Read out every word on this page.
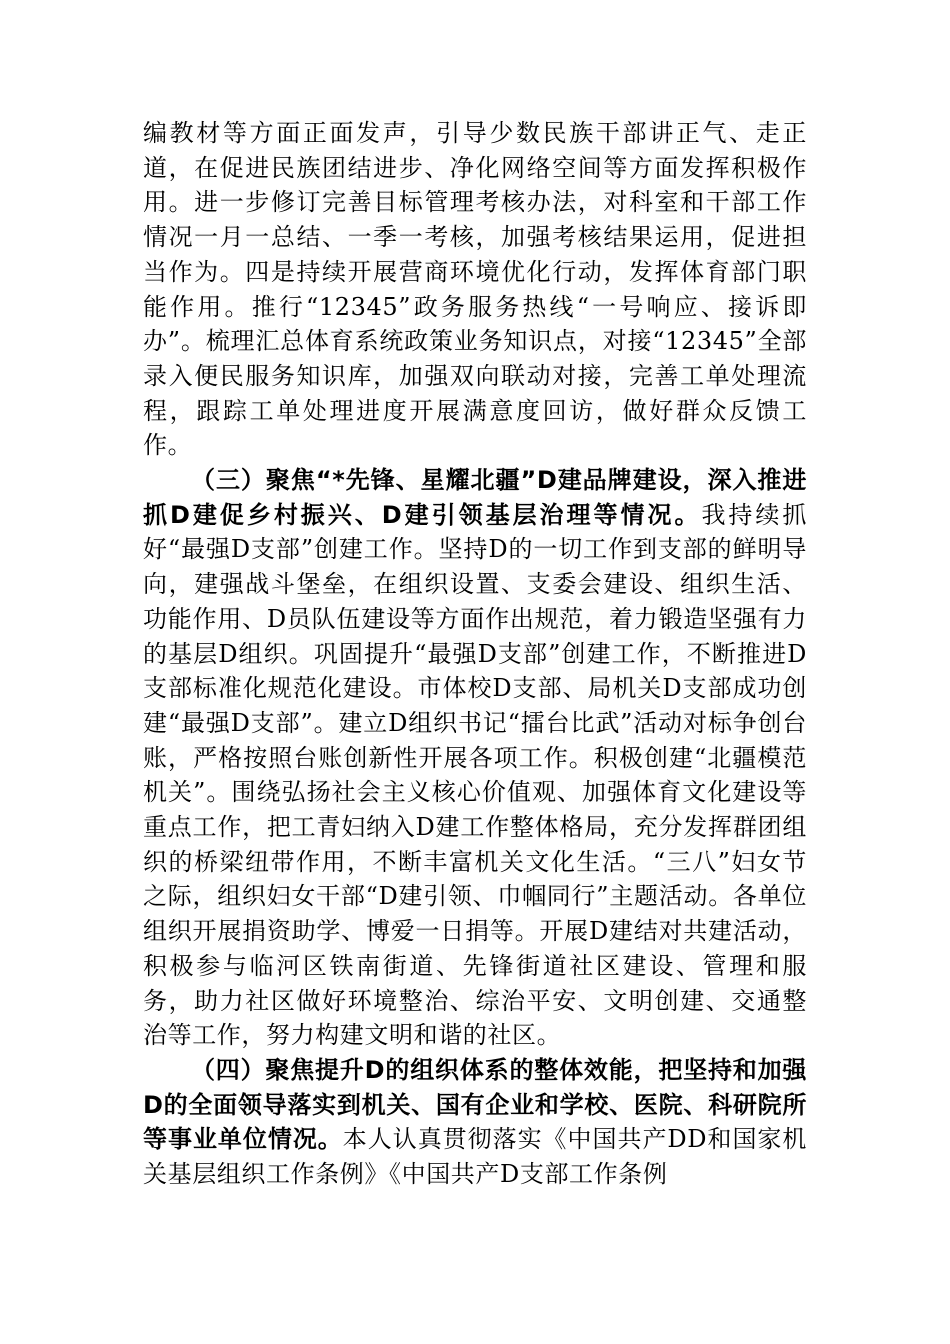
编教材等方面正面发声，引导少数民族干部讲正气、走正道，在促进民族团结进步、净化网络空间等方面发挥积极作用。进一步修订完善目标管理考核办法，对科室和干部工作情况一月一总结、一季一考核，加强考核结果运用，促进担当作为。四是持续开展营商环境优化行动，发挥体育部门职能作用。推行“12345”政务服务热线“一号响应、接诉即办”。梳理汇总体育系统政策业务知识点，对接“12345”全部录入便民服务知识库，加强双向联动对接，完善工单处理流程，跟踪工单处理进度开展满意度回访，做好群众反馈工作。

（三）聚焦“*先锋、星耀北疆”D建品牌建设，深入推进抓D建促乡村振兴、D建引领基层治理等情况。我持续抓好“最强D支部”创建工作。坚持D的一切工作到支部的鲜明导向，建强战斗堡垒，在组织设置、支委会建设、组织生活、功能作用、D员队伍建设等方面作出规范，着力锻造坚强有力的基层D组织。巩固提升“最强D支部”创建工作，不断推进D支部标准化规范化建设。市体校D支部、局机关D支部成功创建“最强D支部”。建立D组织书记“擂台比武”活动对标争创台账，严格按照台账创新性开展各项工作。积极创建“北疆模范机关”。围绕弘扬社会主义核心价值观、加强体育文化建设等重点工作，把工青妇纳入D建工作整体格局，充分发挥群团组织的桥梁纽带作用，不断丰富机关文化生活。“三八”妇女节之际，组织妇女干部“D建引领、巾帼同行”主题活动。各单位组织开展捐资助学、博爱一日捐等。开展D建结对共建活动，积极参与临河区铁南街道、先锋街道社区建设、管理和服务，助力社区做好环境整治、综治平安、文明创建、交通整治等工作，努力构建文明和谐的社区。

（四）聚焦提升D的组织体系的整体效能，把坚持和加强D的全面领导落实到机关、国有企业和学校、医院、科研院所等事业单位情况。本人认真贯彻落实《中国共产DD和国家机关基层组织工作条例》《中国共产D支部工作条例
